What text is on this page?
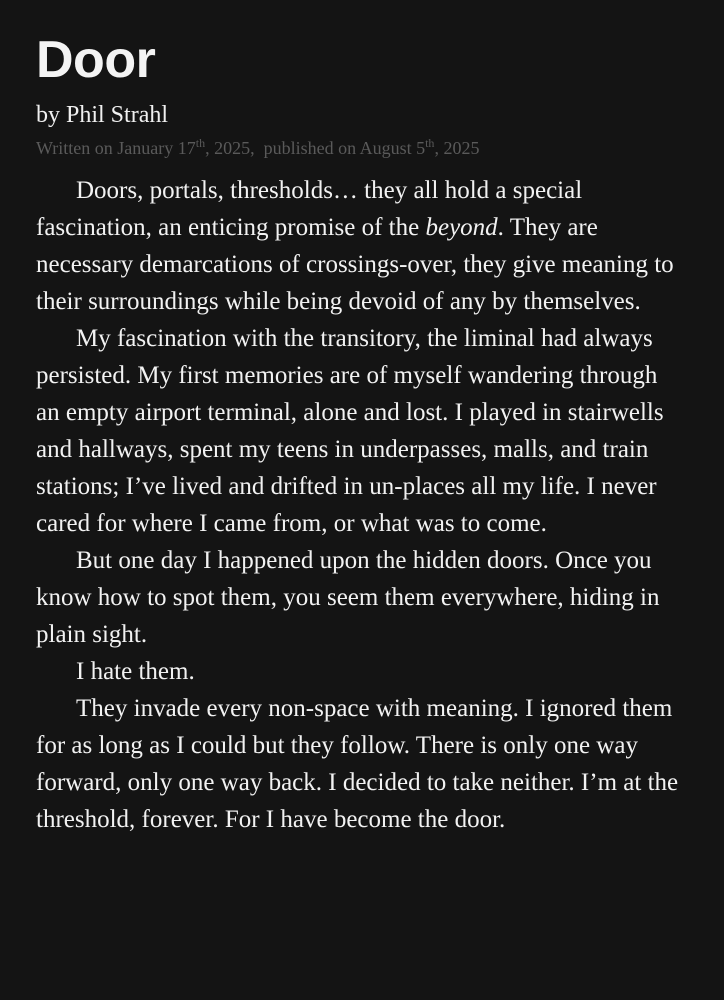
Door
by Phil Strahl
Written on January 17th, 2025, published on August 5th, 2025

Doors, portals, thresholds… they all hold a special fascination, an enticing promise of the beyond. They are necessary demarcations of crossings-over, they give meaning to their surroundings while being devoid of any by themselves.

My fascination with the transitory, the liminal had always persisted. My first memories are of myself wandering through an empty airport terminal, alone and lost. I played in stairwells and hallways, spent my teens in underpasses, malls, and train stations; I’ve lived and drifted in un-places all my life. I never cared for where I came from, or what was to come.

But one day I happened upon the hidden doors. Once you know how to spot them, you seem them everywhere, hiding in plain sight.

I hate them.

They invade every non-space with meaning. I ignored them for as long as I could but they follow. There is only one way forward, only one way back. I decided to take neither. I’m at the threshold, forever. For I have become the door.
